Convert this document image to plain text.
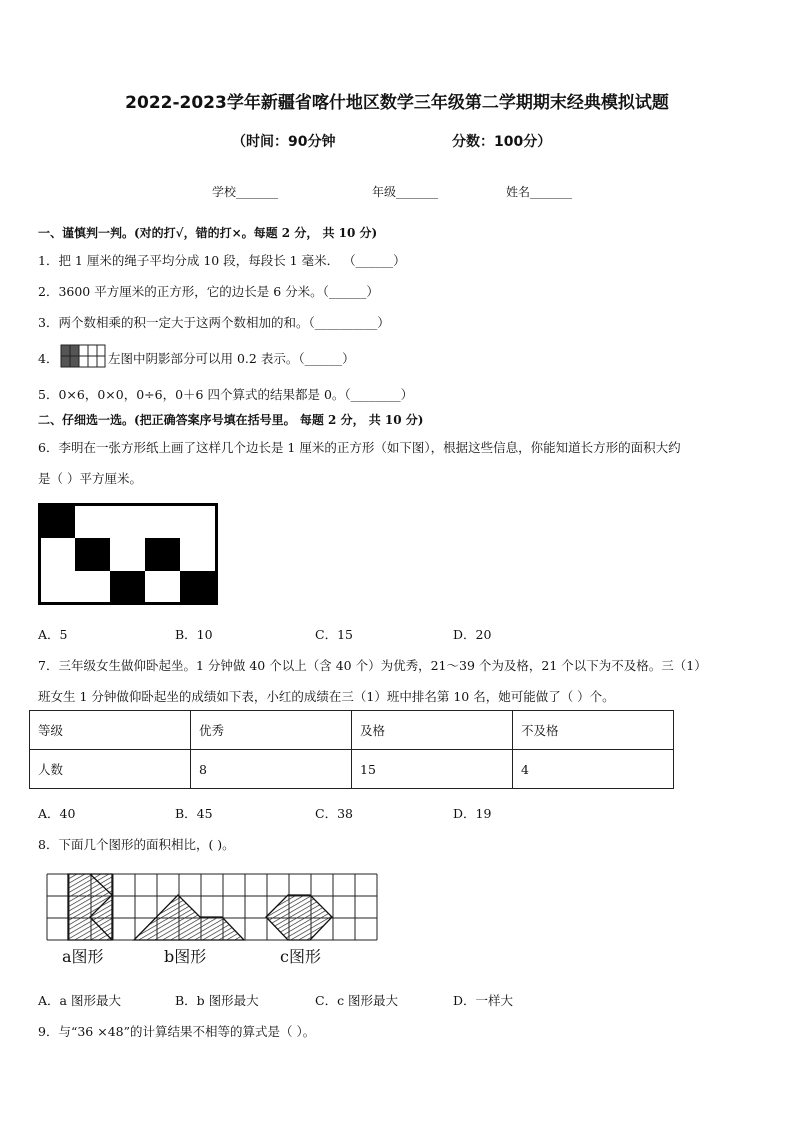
2022-2023学年新疆省喀什地区数学三年级第二学期期末经典模拟试题
（时间：90分钟	分数：100分）
学校_______	年级_______	姓名_______
一、谨慎判一判。(对的打√，错的打×。每题 2 分， 共 10 分)
1．把 1 厘米的绳子平均分成 10 段，每段长 1 毫米． （______）
2．3600 平方厘米的正方形，它的边长是 6 分米。（______）
3．两个数相乘的积一定大于这两个数相加的和。（__________）
4．	左图中阴影部分可以用 0.2 表示。（______）
5．0×6，0×0，0÷6，0＋6 四个算式的结果都是 0。（________）
二、仔细选一选。(把正确答案序号填在括号里。 每题 2 分， 共 10 分)
6．李明在一张方形纸上画了这样几个边长是 1 厘米的正方形（如下图），根据这些信息，你能知道长方形的面积大约
是（ ）平方厘米。
A．5	B．10	C．15	D．20
7．三年级女生做仰卧起坐。1 分钟做 40 个以上（含 40 个）为优秀，21～39 个为及格，21 个以下为不及格。三（1）
班女生 1 分钟做仰卧起坐的成绩如下表，小红的成绩在三（1）班中排名第 10 名，她可能做了（ ）个。
等级	优秀	及格	不及格
人数	8	15	4
A．40	B．45	C．38	D．19
8．下面几个图形的面积相比，( )。
a图形	b图形	c图形
A．a 图形最大	B．b 图形最大	C．c 图形最大	D．一样大
9．与“36 ×48”的计算结果不相等的算式是（ ）。
